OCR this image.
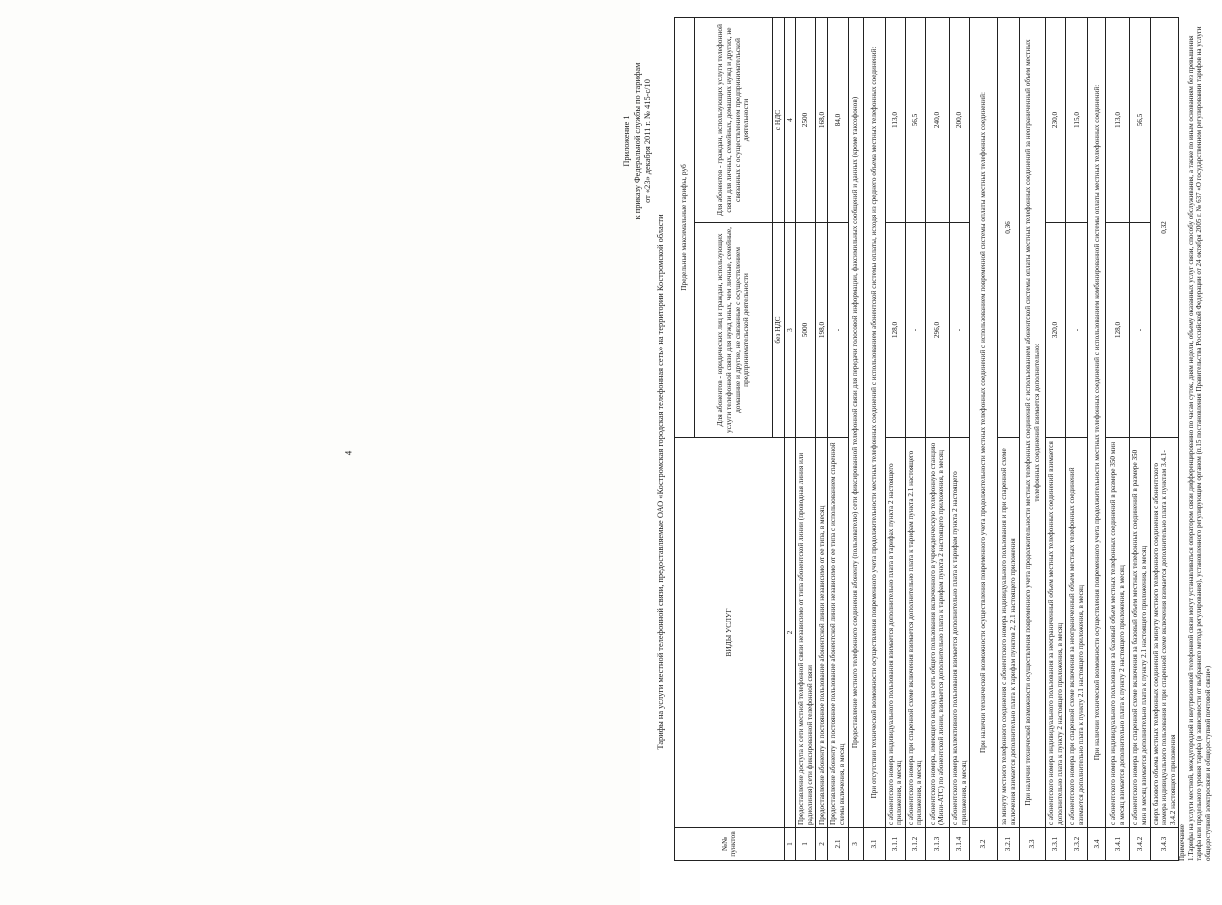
Приложение 1 к приказу Федеральной службы по тарифам от «23» декабря 2011 г. № 415-с/10
Тарифы на услуги местной телефонной связи, предоставляемые ОАО «Костромская городская телефонная сеть» на территории Костромской области
№№ пунктов	ВИДЫ УСЛУГ	Предельные максимальные тарифы, руб	
		Для абонентов - юридических лиц и граждан, использующих услуги телефонной связи для нужд иных, чем личные, семейные, домашние и другие, не связанные с осуществлением предпринимательской деятельности	Для абонентов - граждан, использующих услуги телефонной связи для личных, семейных, домашних нужд и других, не связанных с осуществлением предпринимательской деятельности
		без НДС	с НДС
1	2	3	4
1	Предоставление доступа к сети местной телефонной связи независимо от типа абонентской линии (проводная линия или радиолиния) сети фиксированной телефонной связи	5000	2500
2	Предоставление абоненту в постоянное пользование абонентской линии независимо от ее типа, в месяц	198,0	168,0
2.1	Предоставление абоненту в постоянное пользование абонентской линии независимо от ее типа с использованием спаренной схемы включения, в месяц	-	84,0
3	Предоставление местного телефонного соединения абоненту (пользователю) сети фиксированной телефонной связи для передачи голосовой информации, факсимильных сообщений и данных (кроме таксофонов)		
3.1	При отсутствии технической возможности осуществления повременного учета продолжительности местных телефонных соединений с использованием абонентской системы оплаты, исходя из среднего объема местных телефонных соединений:		
3.1.1	с абонентского номера индивидуального пользования взимается дополнительно плата в тарифах пункта 2 настоящего приложения, в месяц	128,0	113,0
3.1.2	с абонентского номера при спаренной схеме включения взимается дополнительно плата к тарифам пункта 2.1 настоящего приложения, в месяц	-	56,5
3.1.3	с абонентского номера, имеющего выход на сеть общего пользования включенного в учрежденческую телефонную станцию (Мини-АТС) по абонентской линии, взимается дополнительно плата к тарифам пункта 2 настоящего приложения, в месяц	296,0	240,0
3.1.4	с абонентского номера коллективного пользования взимается дополнительно плата к тарифам пункта 2 настоящего приложения, в месяц	-	200,0
3.2	При наличии технической возможности осуществления повременного учета продолжительности местных телефонных соединений с использованием повременной системы оплаты местных телефонных соединений:		
3.2.1	за минуту местного телефонного соединения с абонентского номера индивидуального пользования и при спаренной схеме включения взимается дополнительно плата к тарифам пунктов 2, 2.1 настоящего приложения	0,36	
3.3	При наличии технической возможности осуществления повременного учета продолжительности местных телефонных соединений с использованием абонентской системы оплаты местных телефонных соединений за неограниченный объем местных телефонных соединений взимается дополнительно:		
3.3.1	с абонентского номера индивидуального пользования за неограниченный объем местных телефонных соединений взимается дополнительно плата к пункту 2 настоящего приложения, в месяц	320,0	230,0
3.3.2	с абонентского номера при спаренной схеме включения за неограниченный объем местных телефонных соединений взимается дополнительно плата к пункту 2.1 настоящего приложения, в месяц	-	115,0
3.4	При наличии технической возможности осуществления повременного учета продолжительности местных телефонных соединений с использованием комбинированной системы оплаты местных телефонных соединений:		
3.4.1	с абонентского номера индивидуального пользования за базовый объем местных телефонных соединений в размере 350 мин в месяц взимается дополнительно плата к пункту 2 настоящего приложения, в месяц	128,0	113,0
3.4.2	с абонентского номера при спаренной схеме включения за базовый объем местных телефонных соединений в размере 350 мин в месяц взимается дополнительно плата к пункту 2.1 настоящего приложения, в месяц	-	56,5
3.4.3	сверх базового объема местных телефонных соединений за минуту местного телефонного соединения с абонентского номера индивидуального пользования и при спаренной схеме включения взимается дополнительно плата к пунктам 3.4.1-3.4.2 настоящего приложения	0,32	
Примечание 1.Тарифы на услуги местной, междугородной и внутризоновой телефонной связи могут устанавливаться оператором связи дифференцированно по часам суток, дням недели, объему оказанных услуг связи, способу обслуживания, а также по иным основаниям без превышения тарифа или предельного уровня тарифа (в зависимости от выбранного метода регулирования), установленного регулирующим органом (п.15 постановления Правительства Российской Федерации от 24 октября 2005 г. № 637 «О государственном регулировании тарифов на услуги общедоступной электросвязи и общедоступной почтовой связи»)
4
